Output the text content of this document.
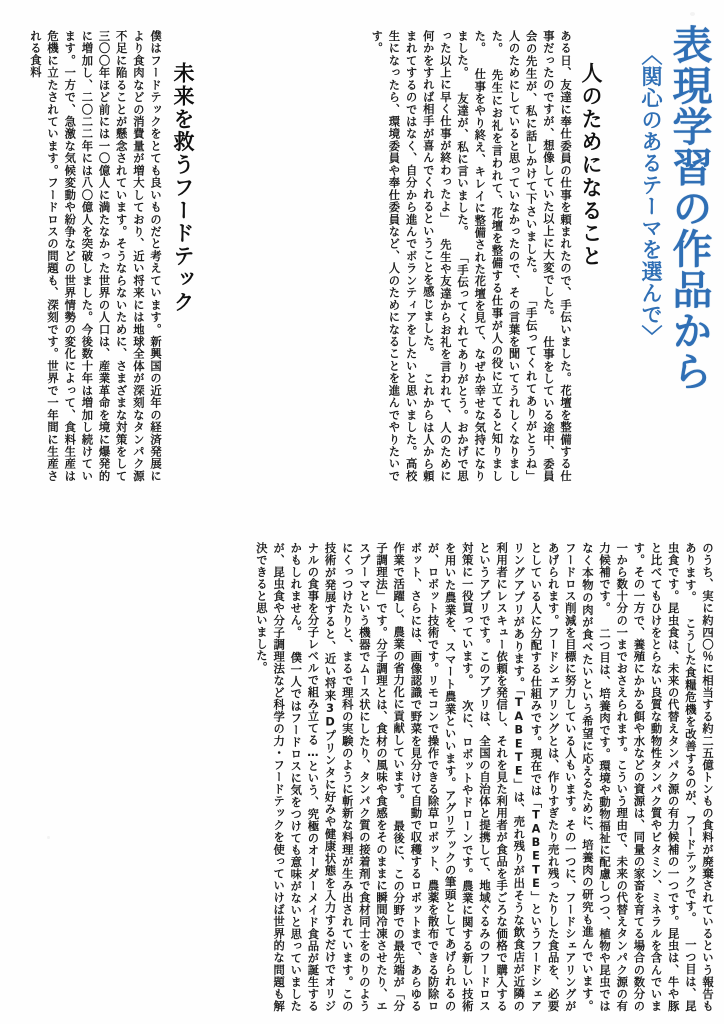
表現学習の作品から
〈関心のあるテーマを選んで〉
人のためになること
ある日、友達に奉仕委員の仕事を頼まれたので、手伝いました。花壇を整備する仕事だったのですが、想像していた以上に大変でした。 仕事をしている途中、委員会の先生が、私に話しかけて下さいました。 「手伝ってくれてありがとうね」 人のためにしていると思っていなかったので、その言葉を聞いてうれしくなりました。 先生にお礼を言われて、花壇を整備する仕事が人の役に立てると知りました。 仕事をやり終え、キレイに整備された花壇を見て、なぜか幸せな気持になりました。 友達が、私に言いました。 「手伝ってくれてありがとう。おかげで思った以上に早く仕事が終わったよ」 先生や友達からお礼を言われて、人のために何かをすれば相手が喜んでくれるということを感じました。 これからは人から頼まれてするのではなく、自分から進んでボランティアをしたいと思いました。高校生になったら、環境委員や奉仕委員など、人のためになることを進んでやりたいです。
未来を救うフードテック
僕はフードテックをとても良いものだと考えています。新興国の近年の経済発展により食肉などの消費量が増大しており、近い将来には地球全体が深刻なタンパク源不足に陥ることが懸念されています。そうならないために、さまざまな対策をして三〇〇年ほど前には一〇億人に満たなかった世界の人口は、産業革命を境に爆発的に増加し、二〇二二年には八〇億人を突破しました。今後数十年は増加し続けています。一方で、急激な気候変動や紛争などの世界情勢の変化によって、食料生産は危機に立たされています。フードロスの問題も、深刻です。世界で一年間に生産される食料
のうち、実に約四〇％に相当する約二五億トンもの食料が廃棄されているという報告もあります。 こうした食糧危機を改善するのが、フードテックです。 一つ目は、昆虫食です。昆虫食は、未来の代替えタンパク源の有力候補の一つです。昆虫は、牛や豚と比べてもひけをとらない良質な動物性タンパク質やビタミン、ミネラルを含んでいます。その一方で、養殖にかかる餌や水などの資源は、同量の家畜を育てる場合の数分の一から数十分の一までおさえられます。こういう理由で、未来の代替えタンパク源の有力候補です。 二つ目は、培養肉です。環境や動物福祉に配慮しつつ、植物や昆虫ではなく本物の肉が食べたいという希望に応えるために、培養肉の研究も進んでいます。 フードロス削減を目標に努力している人もいます。その一つに、フードシェアリングがあげられます。フードシェアリングとは、作りすぎたり売れ残ったりした食品を、必要としている人に分配する仕組みです。現在では「TABETE」というフードシェアリングアプリがあります。「TABETE」は、売れ残りが出そうな飲食店が近隣の利用者にレスキュー依頼を発信し、それを見た利用者が食品を手ごろな価格で購入するというアプリです。このアプリは、全国の自治体と提携して、地域ぐるみのフードロス対策に一役買っています。 次に、ロボットやドローンです。農業に関する新しい技術を用いた農業を、スマート農業といいます。アグリテックの筆頭としてあげられるのが、ロボット技術です。リモコンで操作できる除草ロボット、農薬を散布できる防除ロボット、さらには、画像認識で野菜を見分けて自動で収穫するロボットまで、あらゆる作業で活躍し、農業の省力化に貢献しています。 最後に、この分野での最先端が「分子調理法」です。分子調理とは、食材の風味や食感をそのままに瞬間冷凍させたり、エスプーマという機器でムース状にしたり、タンパク質の接着剤で食材同士をのりのようにくっつけたりと、まるで理科の実験のように斬新な料理が生み出されています。この技術が発展すると、近い将来3Dプリンタに好みや健康状態を入力するだけでオリジナルの食事を分子レベルで組み立てる…という、究極のオーダーメイド食品が誕生するかもしれません。 僕一人ではフードロスに気をつけても意味がないと思っていましたが、昆虫食や分子調理法など科学の力・フードテックを使っていけば世界的な問題も解決できると思いました。
